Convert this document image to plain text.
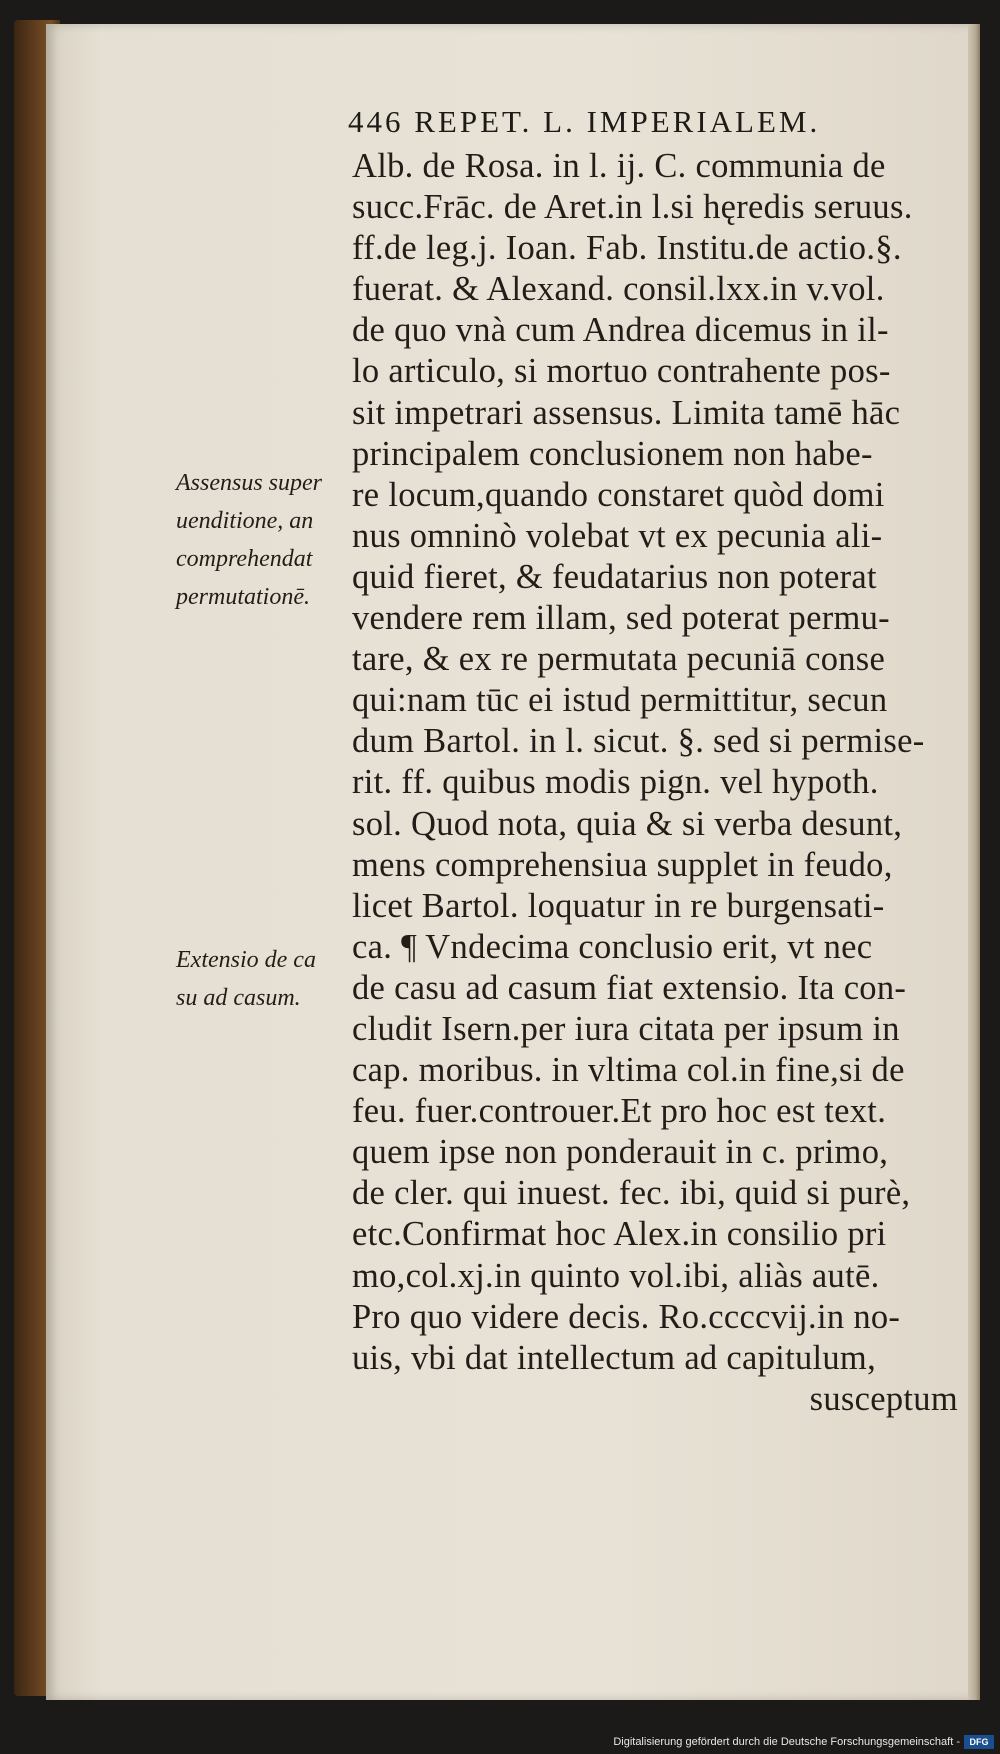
446 REPET. L. IMPERIALEM.
Alb. de Rosa. in l. ij. C. communia de
succ.Frāc. de Aret.in l.si hęredis seruus.
ff.de leg.j. Ioan. Fab. Institu.de actio.§.
fuerat. & Alexand. consil.lxx.in v.vol.
de quo vnà cum Andrea dicemus in il-
lo articulo, si mortuo contrahente pos-
sit impetrari assensus. Limita tamē hāc
principalem conclusionem non habe-
re locum,quando constaret quòd domi
nus omninò volebat vt ex pecunia ali-
quid fieret, & feudatarius non poterat
vendere rem illam, sed poterat permu-
tare, & ex re permutata pecuniā conse
qui:nam tūc ei istud permittitur, secun
dum Bartol. in l. sicut. §. sed si permise-
rit. ff. quibus modis pign. vel hypoth.
sol. Quod nota, quia & si verba desunt,
mens comprehensiua supplet in feudo,
licet Bartol. loquatur in re burgensati-
ca. ¶ Vndecima conclusio erit, vt nec
de casu ad casum fiat extensio. Ita con-
cludit Isern.per iura citata per ipsum in
cap. moribus. in vltima col.in fine,si de
feu. fuer.controuer.Et pro hoc est text.
quem ipse non ponderauit in c. primo,
de cler. qui inuest. fec. ibi, quid si purè,
etc.Confirmat hoc Alex.in consilio pri
mo,col.xj.in quinto vol.ibi, aliàs autē.
Pro quo videre decis. Ro.ccccvij.in no-
uis, vbi dat intellectum ad capitulum,
susceptum
Assensus super
uenditione, an
comprehendat
permutationē.
Extensio de ca
su ad casum.
Digitalisierung gefördert durch die Deutsche Forschungsgemeinschaft -	DFG
